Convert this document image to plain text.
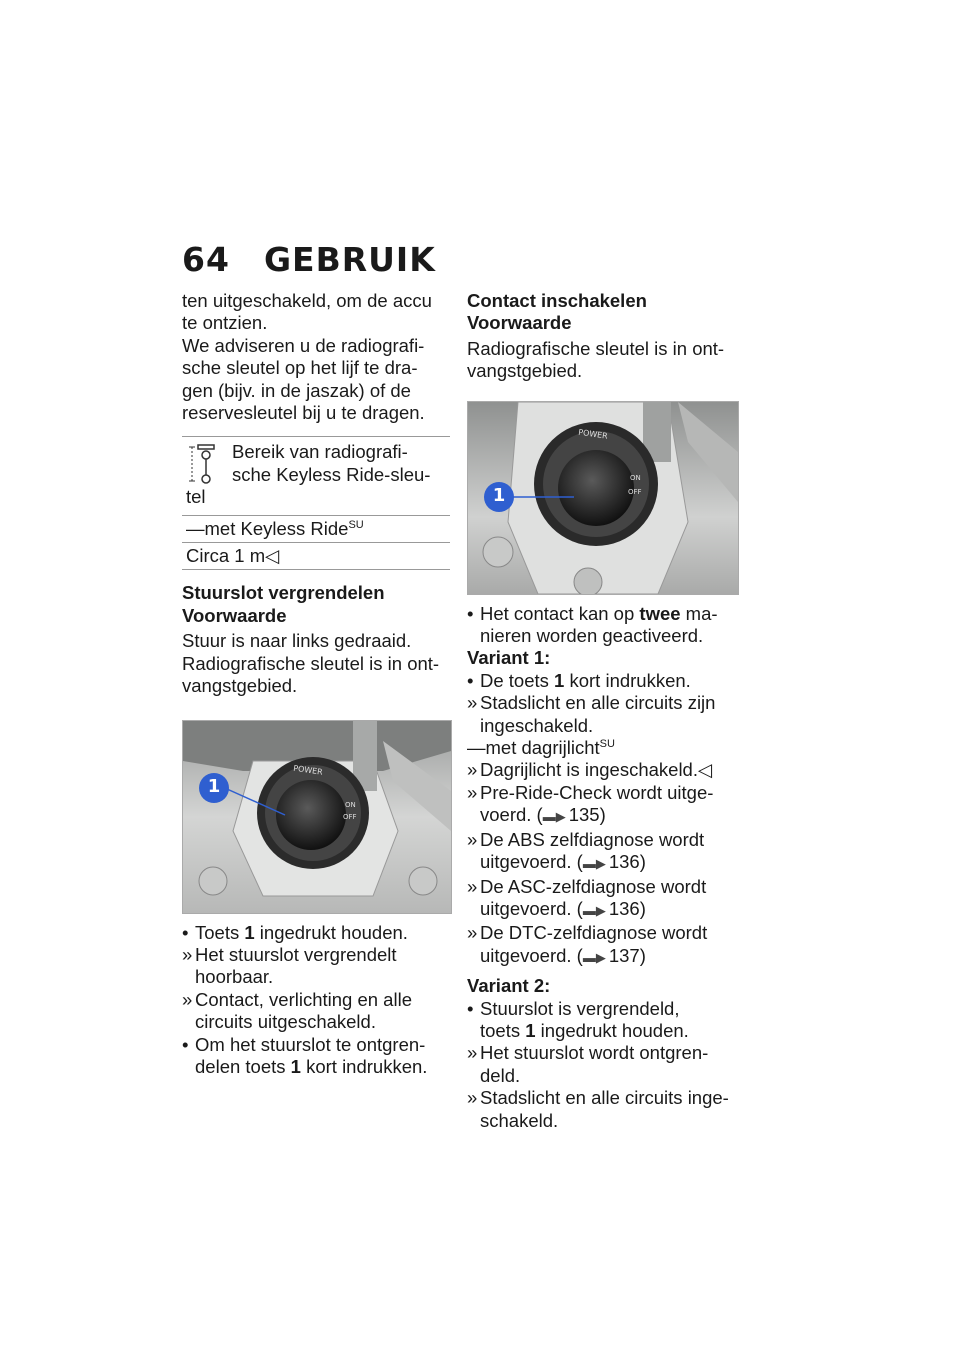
64 GEBRUIK

ten uitgeschakeld, om de accu

te ontzien.

We adviseren u de radiografi-

sche sleutel op het lijf te dra-

gen (bijv. in de jaszak) of de

reservesleutel bij u te dragen.

Bereik van radiografi-

sche Keyless Ride-sleu-

tel

—met Keyless Ride$^{SU}$
Circa 1 m◁

Stuurslot vergrendelen

Voorwaarde

Stuur is naar links gedraaid.

Radiografische sleutel is in ont-

vangstgebied.

POWER
ON
OFF
1
• Toets 1 ingedrukt houden.
» Het stuurslot vergrendelt

hoorbaar.

» Contact, verlichting en alle

circuits uitgeschakeld.

• Om het stuurslot te ontgren-

delen toets 1 kort indrukken.

Contact inschakelen

Voorwaarde

Radiografische sleutel is in ont-

vangstgebied.

POWER
ON
OFF
1
• Het contact kan op twee ma-

nieren worden geactiveerd.

Variant 1:

• De toets 1 kort indrukken.
» Stadslicht en alle circuits zijn

ingeschakeld.

—met dagrijlicht$^{SU}$

» Dagrijlicht is ingeschakeld.◁
» Pre-Ride-Check wordt uitge-

voerd. (▬▶ 135)

» De ABS zelfdiagnose wordt

uitgevoerd. (▬▶ 136)

» De ASC-zelfdiagnose wordt

uitgevoerd. (▬▶ 136)

» De DTC-zelfdiagnose wordt

uitgevoerd. (▬▶ 137)

Variant 2:

• Stuurslot is vergrendeld,

toets 1 ingedrukt houden.

» Het stuurslot wordt ontgren-

deld.

» Stadslicht en alle circuits inge-

schakeld.
